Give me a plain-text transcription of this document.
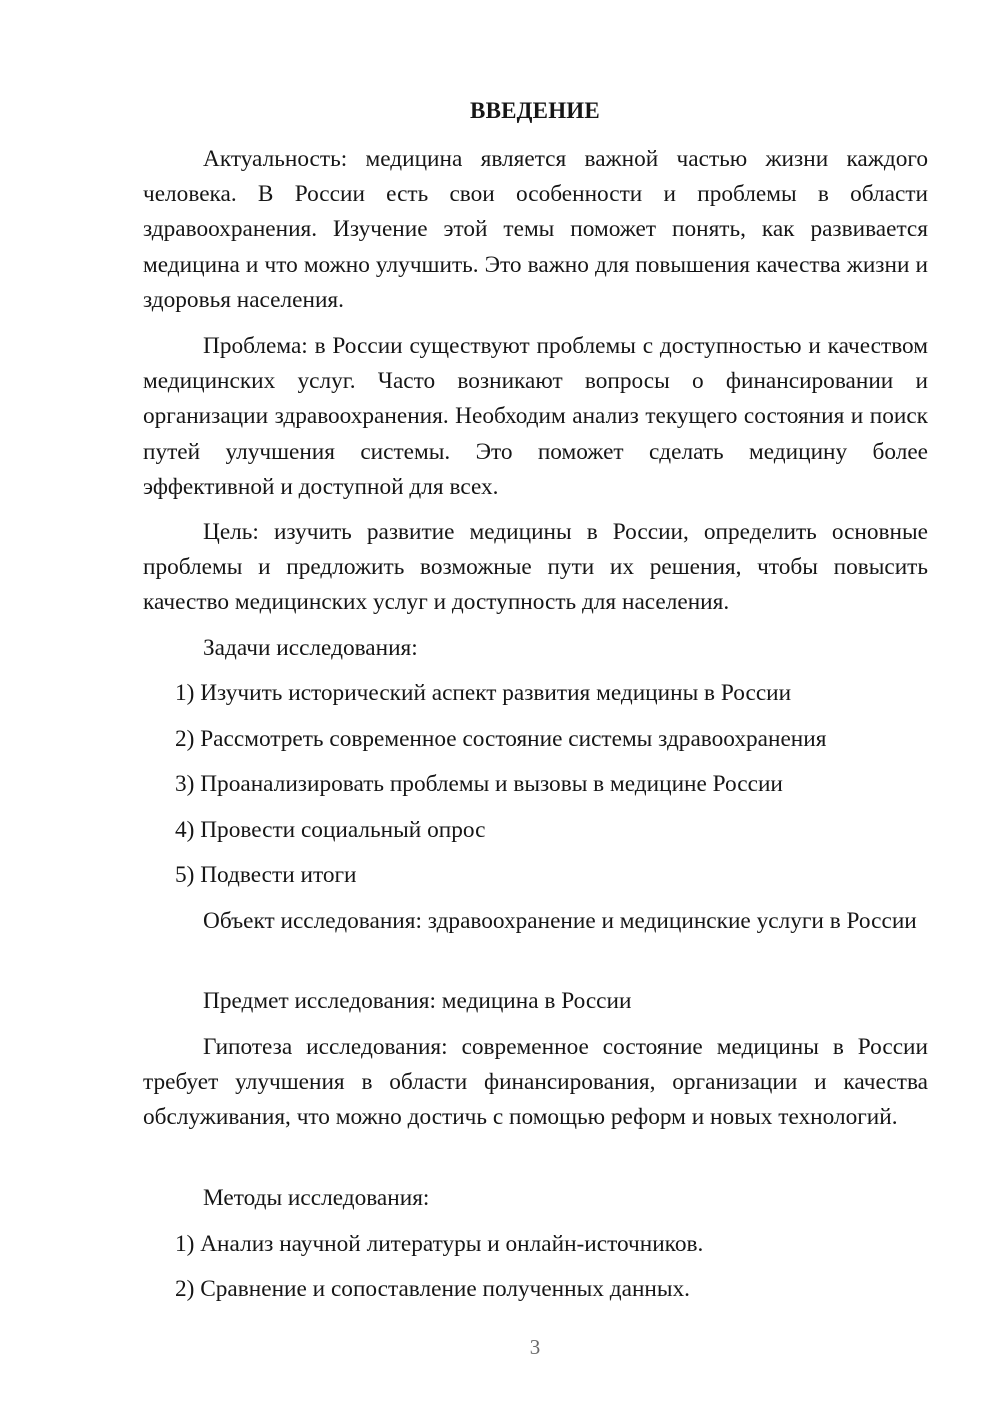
ВВЕДЕНИЕ

Актуальность: медицина является важной частью жизни каждого человека. В России есть свои особенности и проблемы в области здравоохранения. Изучение этой темы поможет понять, как развивается медицина и что можно улучшить. Это важно для повышения качества жизни и здоровья населения.

Проблема: в России существуют проблемы с доступностью и качеством медицинских услуг. Часто возникают вопросы о финансировании и организации здравоохранения. Необходим анализ текущего состояния и поиск путей улучшения системы. Это поможет сделать медицину более эффективной и доступной для всех.

Цель: изучить развитие медицины в России, определить основные проблемы и предложить возможные пути их решения, чтобы повысить качество медицинских услуг и доступность для населения.

Задачи исследования:

1) Изучить исторический аспект развития медицины в России

2) Рассмотреть современное состояние системы здравоохранения

3) Проанализировать проблемы и вызовы в медицине России

4) Провести социальный опрос

5) Подвести итоги

Объект исследования: здравоохранение и медицинские услуги в России

Предмет исследования: медицина в России

Гипотеза исследования: современное состояние медицины в России требует улучшения в области финансирования, организации и качества обслуживания, что можно достичь с помощью реформ и новых технологий.

Методы исследования:

1) Анализ научной литературы и онлайн-источников.

2) Сравнение и сопоставление полученных данных.

3
